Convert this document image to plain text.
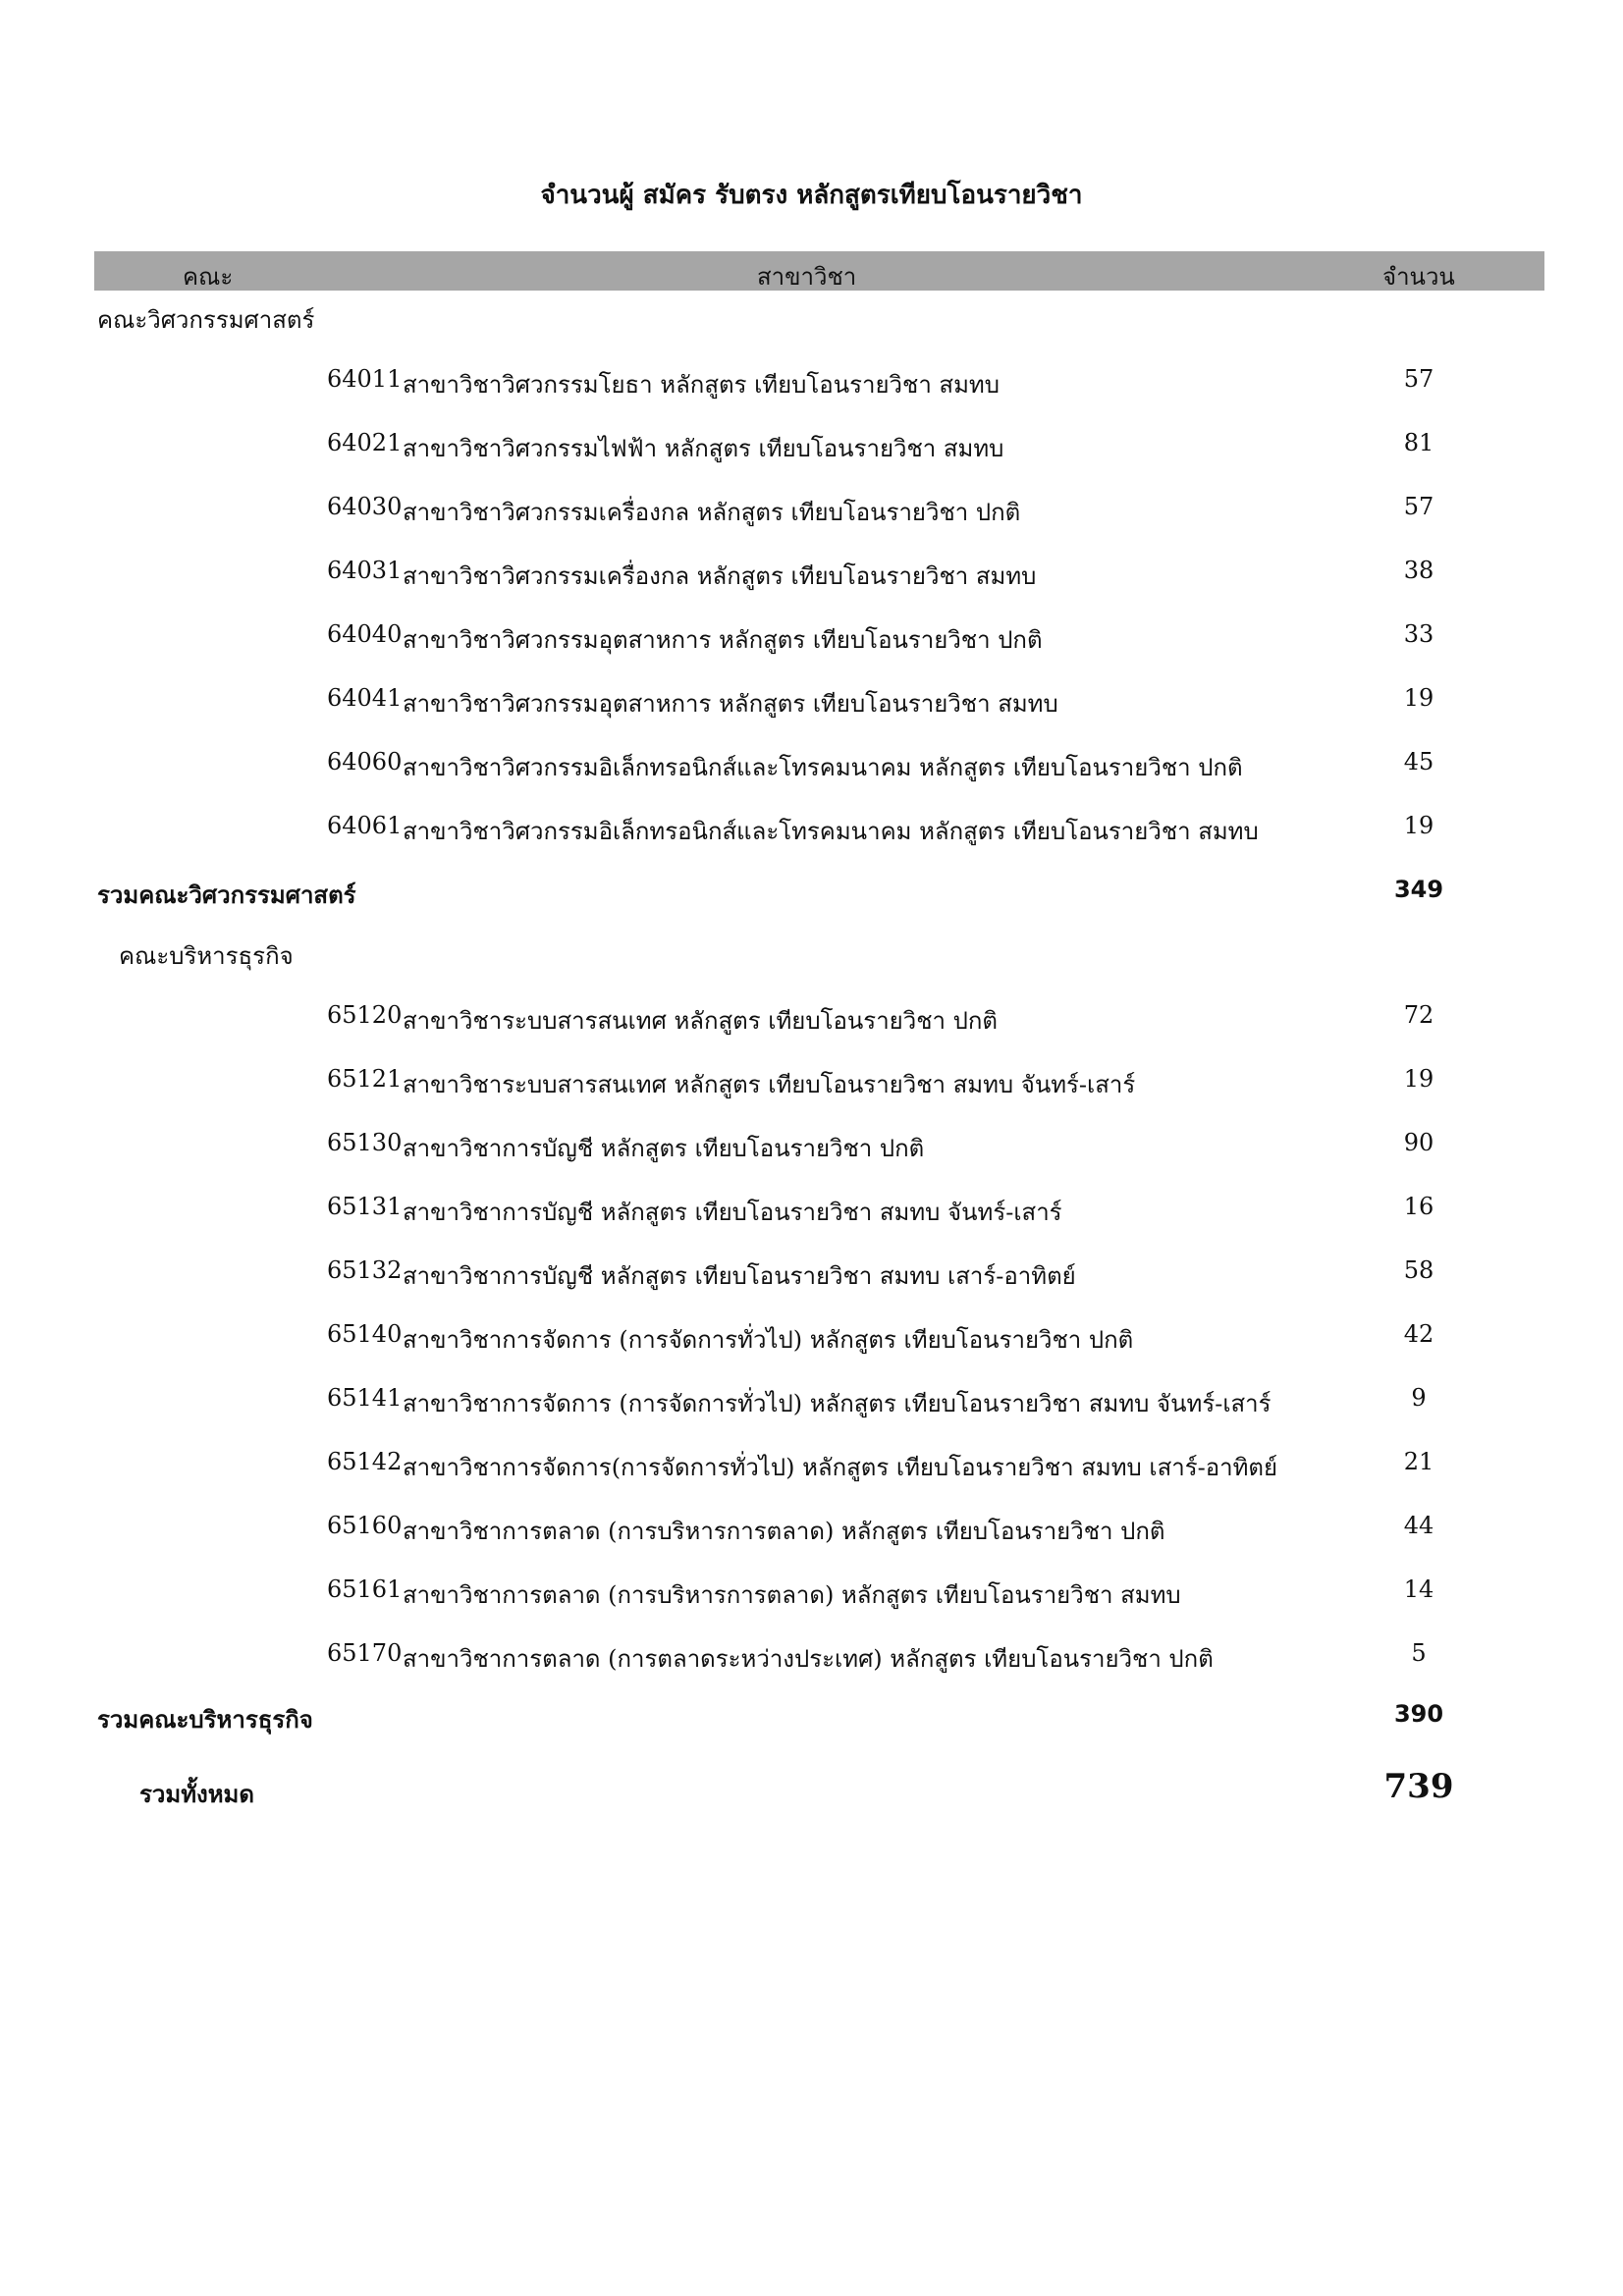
จำนวนผู้ สมัคร รับตรง หลักสูตรเทียบโอนรายวิชา
คณะ	สาขาวิชา	จำนวน
คณะวิศวกรรมศาสตร์
64011 สาขาวิชาวิศวกรรมโยธา หลักสูตร เทียบโอนรายวิชา สมทบ	57
64021 สาขาวิชาวิศวกรรมไฟฟ้า หลักสูตร เทียบโอนรายวิชา สมทบ	81
64030 สาขาวิชาวิศวกรรมเครื่องกล หลักสูตร เทียบโอนรายวิชา ปกติ	57
64031 สาขาวิชาวิศวกรรมเครื่องกล หลักสูตร เทียบโอนรายวิชา สมทบ	38
64040 สาขาวิชาวิศวกรรมอุตสาหการ หลักสูตร เทียบโอนรายวิชา ปกติ	33
64041 สาขาวิชาวิศวกรรมอุตสาหการ หลักสูตร เทียบโอนรายวิชา สมทบ	19
64060 สาขาวิชาวิศวกรรมอิเล็กทรอนิกส์และโทรคมนาคม หลักสูตร เทียบโอนรายวิชา ปกติ	45
64061 สาขาวิชาวิศวกรรมอิเล็กทรอนิกส์และโทรคมนาคม หลักสูตร เทียบโอนรายวิชา สมทบ	19
รวมคณะวิศวกรรมศาสตร์	349
คณะบริหารธุรกิจ
65120 สาขาวิชาระบบสารสนเทศ หลักสูตร เทียบโอนรายวิชา ปกติ	72
65121 สาขาวิชาระบบสารสนเทศ หลักสูตร เทียบโอนรายวิชา สมทบ จันทร์-เสาร์	19
65130 สาขาวิชาการบัญชี หลักสูตร เทียบโอนรายวิชา ปกติ	90
65131 สาขาวิชาการบัญชี หลักสูตร เทียบโอนรายวิชา สมทบ จันทร์-เสาร์	16
65132 สาขาวิชาการบัญชี หลักสูตร เทียบโอนรายวิชา สมทบ เสาร์-อาทิตย์	58
65140 สาขาวิชาการจัดการ (การจัดการทั่วไป) หลักสูตร เทียบโอนรายวิชา ปกติ	42
65141 สาขาวิชาการจัดการ (การจัดการทั่วไป) หลักสูตร เทียบโอนรายวิชา สมทบ จันทร์-เสาร์	9
65142 สาขาวิชาการจัดการ(การจัดการทั่วไป) หลักสูตร เทียบโอนรายวิชา สมทบ เสาร์-อาทิตย์	21
65160 สาขาวิชาการตลาด (การบริหารการตลาด) หลักสูตร เทียบโอนรายวิชา ปกติ	44
65161 สาขาวิชาการตลาด (การบริหารการตลาด) หลักสูตร เทียบโอนรายวิชา สมทบ	14
65170 สาขาวิชาการตลาด (การตลาดระหว่างประเทศ) หลักสูตร เทียบโอนรายวิชา ปกติ	5
รวมคณะบริหารธุรกิจ	390
รวมทั้งหมด	739
